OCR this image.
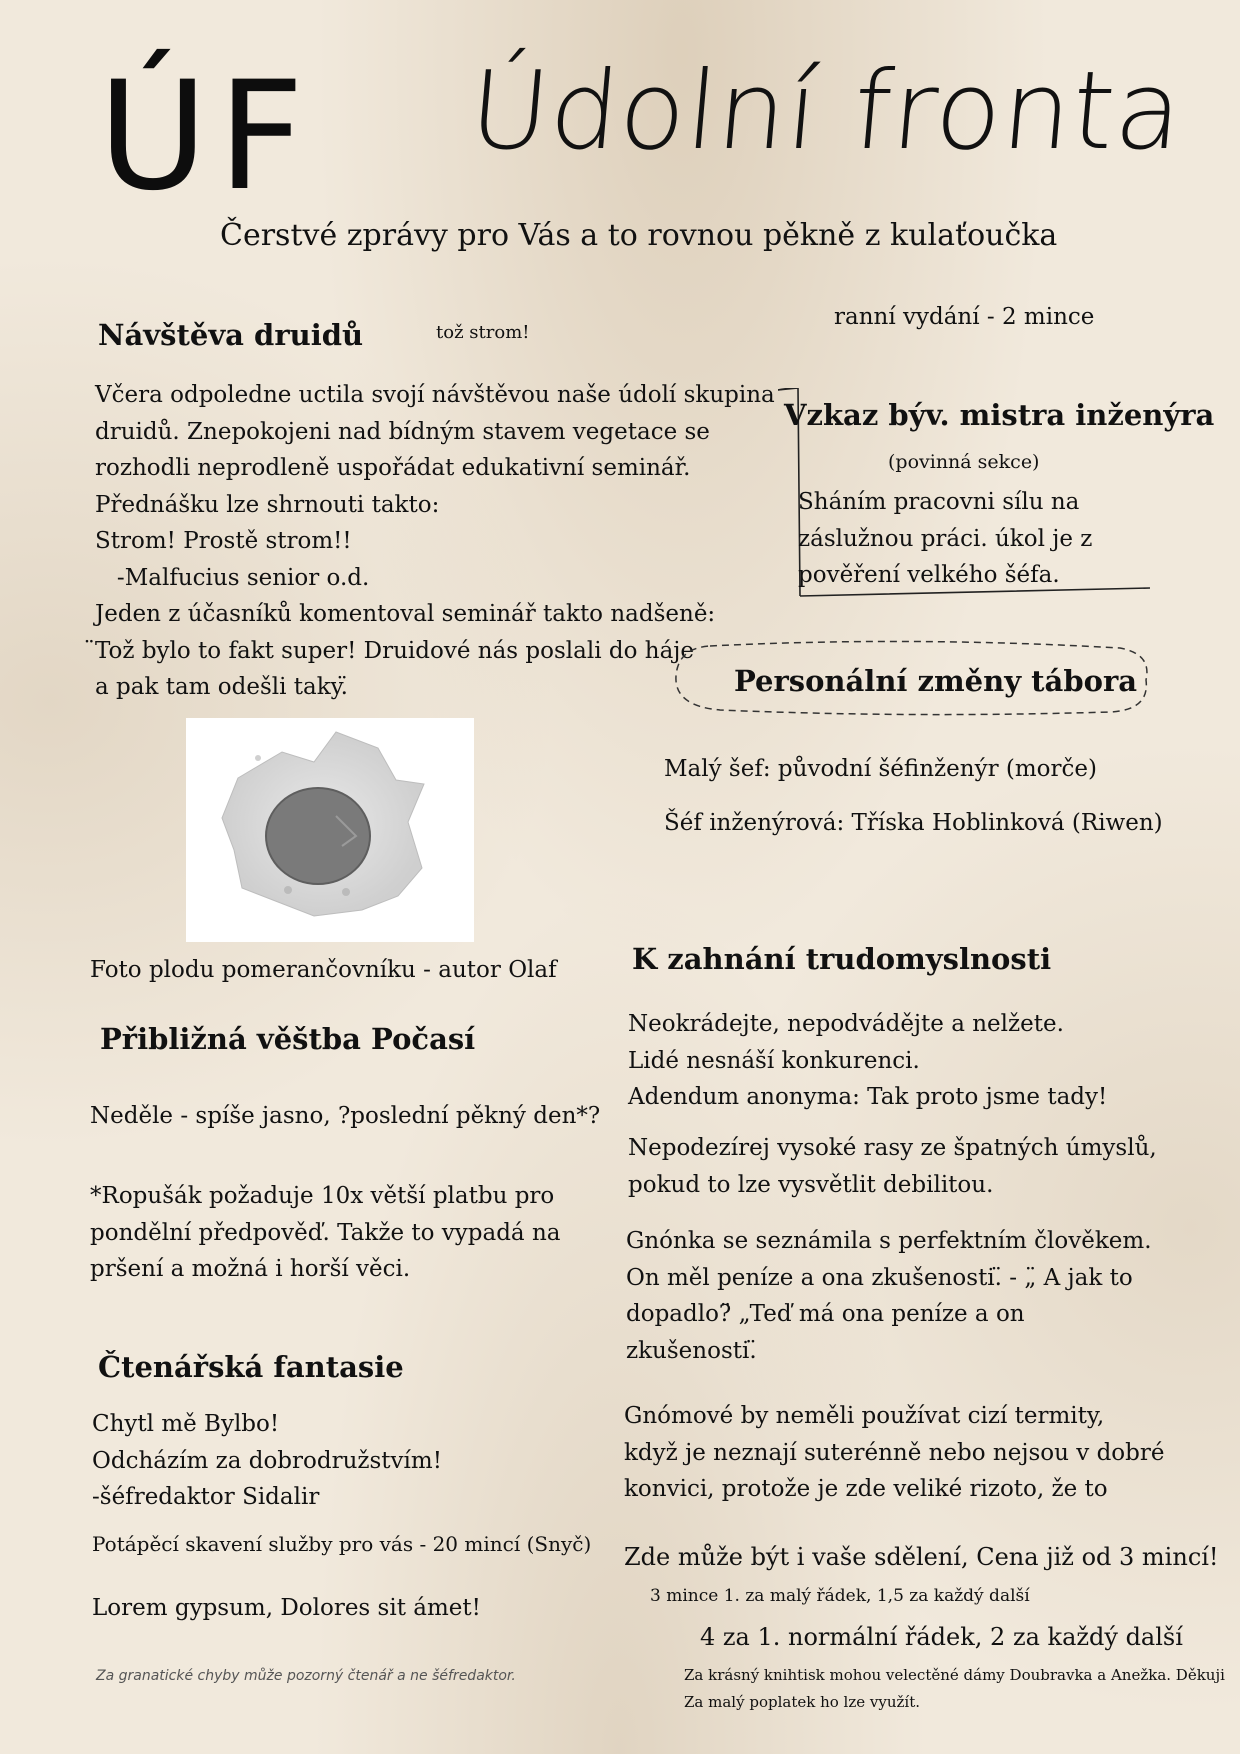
ÚF Údolní fronta
Čerstvé zprávy pro Vás a to rovnou pěkně z kulaťoučka
ranní vydání - 2 mince
Návštěva druidů	tož strom!
Včera odpoledne uctila svojí návštěvou naše údolí skupina
druidů. Znepokojeni nad bídným stavem vegetace se
rozhodli neprodleně uspořádat edukativní seminář.
Přednášku lze shrnouti takto:
Strom! Prostě strom!!
-Malfucius senior o.d.
Jeden z účasníků komentoval seminář takto nadšeně:
̈Tož bylo to fakt super! Druidové nás poslali do háje
a pak tam odešli taky.̈
Foto plodu pomerančovníku - autor Olaf
Vzkaz býv. mistra inženýra
(povinná sekce)
Sháním pracovni sílu na
záslužnou práci. úkol je z
pověření velkého šéfa.
Personální změny tábora
Malý šef: původní šéfinženýr (morče)
Šéf inženýrová: Tříska Hoblinková (Riwen)
Přibližná věštba Počasí
Neděle - spíše jasno, ?poslední pěkný den*?
*Ropušák požaduje 10x větší platbu pro
pondělní předpověď. Takže to vypadá na
pršení a možná i horší věci.
Čtenářská fantasie
Chytl mě Bylbo!
Odcházím za dobrodružstvím!
-šéfredaktor Sidalir
Potápěcí skavení služby pro vás - 20 mincí (Snyč)
Lorem gypsum, Dolores sit ámet!
Za granatické chyby může pozorný čtenář a ne šéfredaktor.
K zahnání trudomyslnosti
Neokrádejte, nepodvádějte a nelžete.
Lidé nesnáší konkurenci.
Adendum anonyma: Tak proto jsme tady!
Nepodezírej vysoké rasy ze špatných úmyslů,
pokud to lze vysvětlit debilitou.
Gnónka se seznámila s perfektním člověkem.
On měl peníze a ona zkušenosti.̈ - „̈ A jak to
dopadlo?̈ „Teď má ona peníze a on
zkušenosti.̈
Gnómové by neměli používat cizí termity,
když je neznají suterénně nebo nejsou v dobré
konvici, protože je zde veliké rizoto, že to
Zde může být i vaše sdělení, Cena již od 3 mincí!
3 mince 1. za malý řádek, 1,5 za každý další
4 za 1. normální řádek, 2 za každý další
Za krásný knihtisk mohou velectěné dámy Doubravka a Anežka. Děkuji
Za malý poplatek ho lze využít.
